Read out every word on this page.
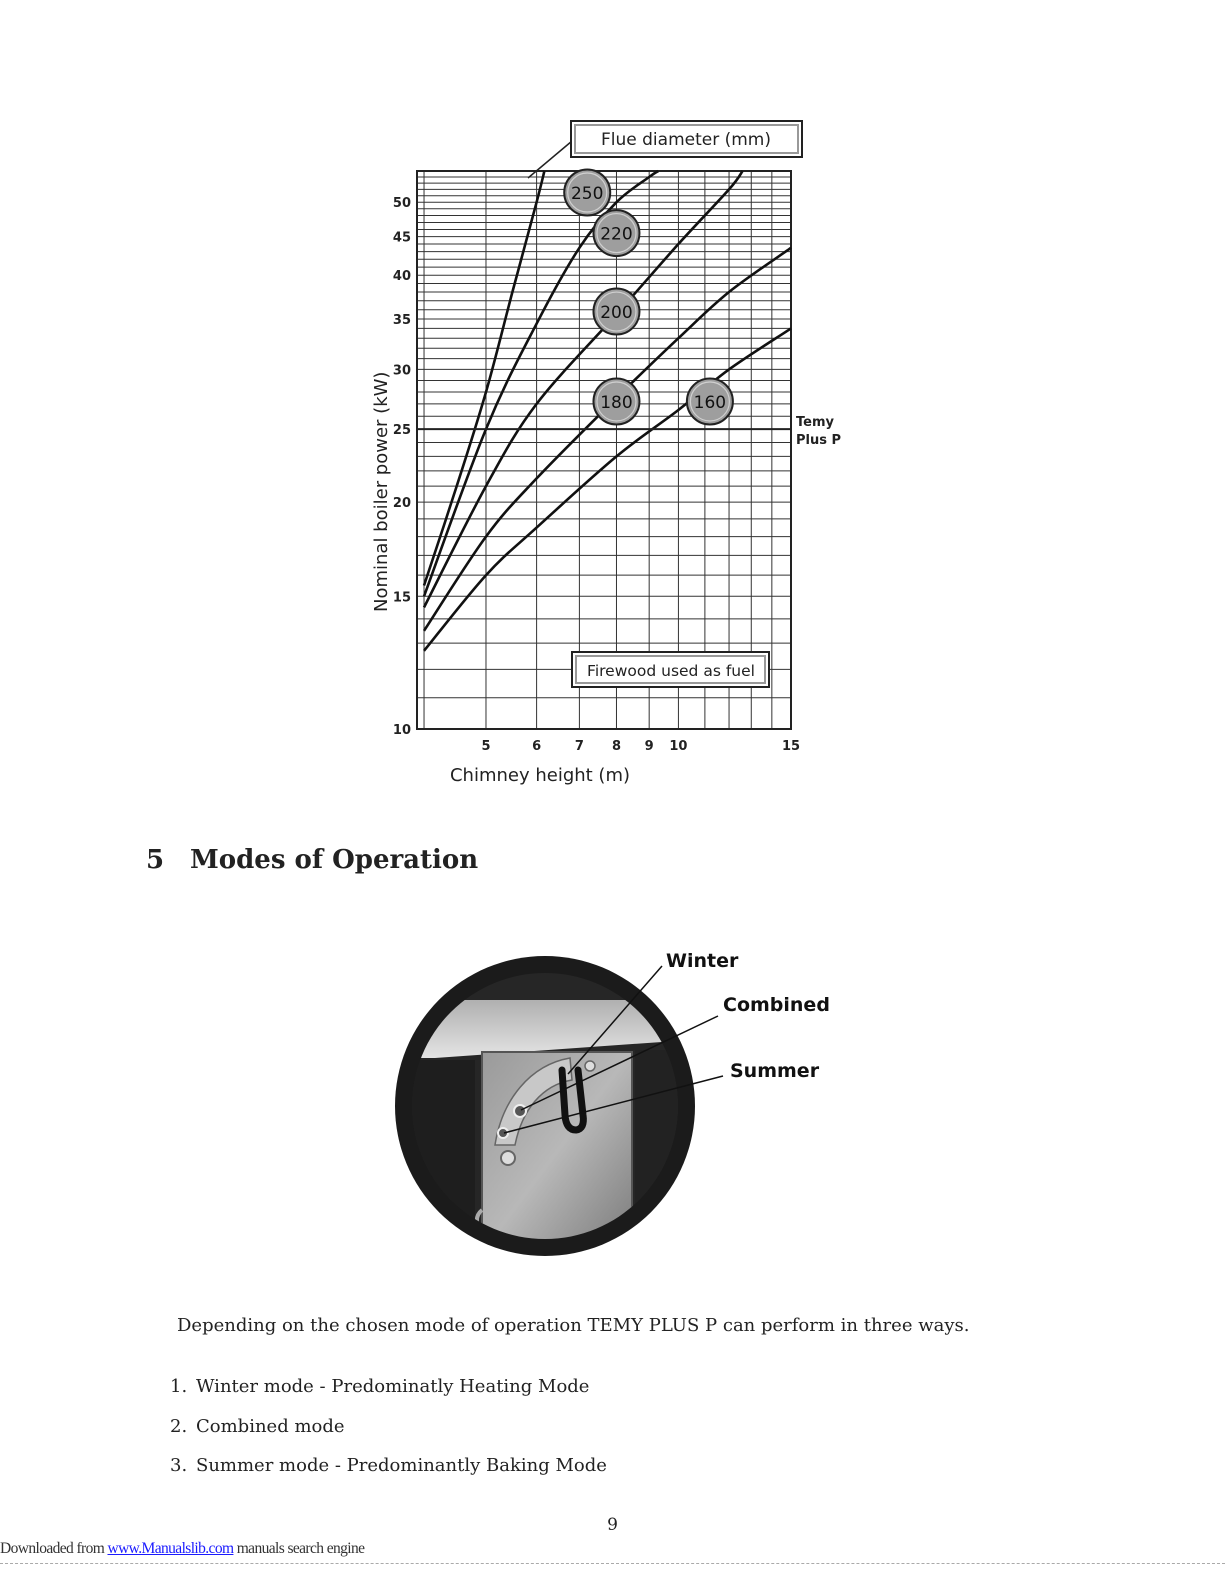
Temy
Plus P
5	6	7 8 9 10	15
10
15
20
25
30
35
40
45
50
Chimney height (m)
Nominal boiler power (kW)
Flue diameter (mm)
Firewood used as fuel
250
220
200
180	160
5 Modes of Operation
Winter
Combined
Summer

Depending on the chosen mode of operation TEMY PLUS P can perform in three ways.

1. Winter mode - Predominatly Heating Mode
2. Combined mode
3. Summer mode - Predominantly Baking Mode
9
Downloaded from www.Manualslib.com manuals search engine
